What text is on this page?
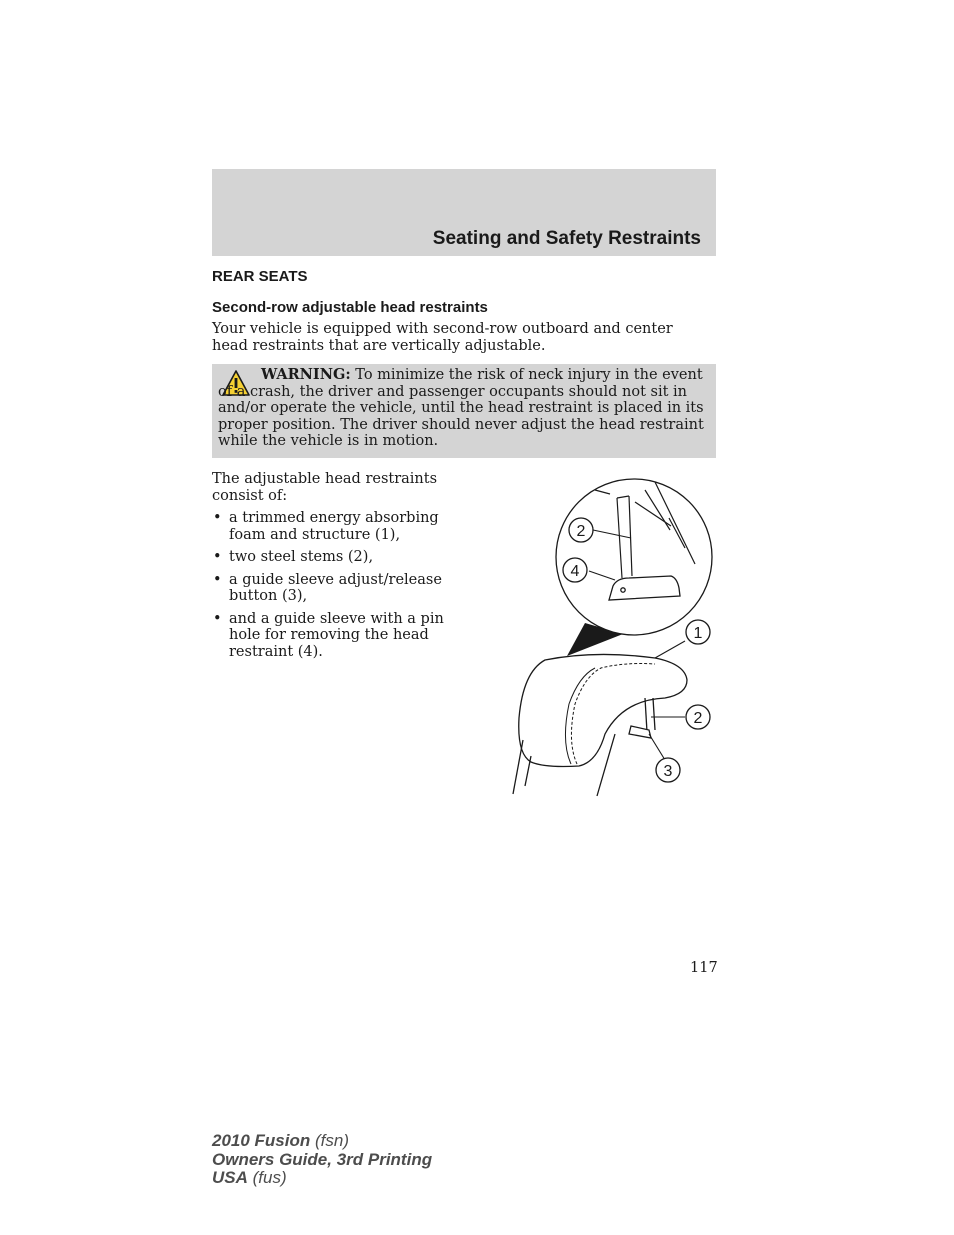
Seating and Safety Restraints
REAR SEATS
Second-row adjustable head restraints
Your vehicle is equipped with second-row outboard and center head restraints that are vertically adjustable.
WARNING: To minimize the risk of neck injury in the event of a crash, the driver and passenger occupants should not sit in and/or operate the vehicle, until the head restraint is placed in its proper position. The driver should never adjust the head restraint while the vehicle is in motion.

The adjustable head restraints consist of:

• a trimmed energy absorbing foam and structure (1),
• two steel stems (2),
• a guide sleeve adjust/release button (3),
• and a guide sleeve with a pin hole for removing the head restraint (4).
2
4
1
2
3
117
2010 Fusion (fsn)
Owners Guide, 3rd Printing
USA (fus)
